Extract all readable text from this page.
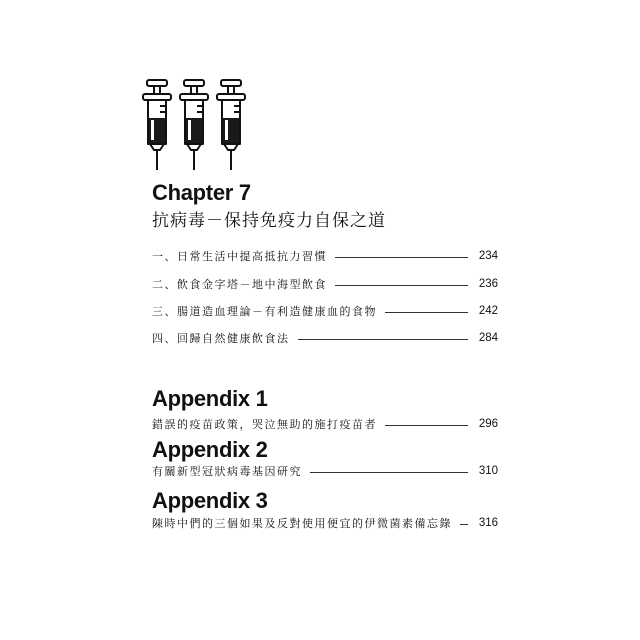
Chapter 7
抗病毒－保持免疫力自保之道
一、日常生活中提高抵抗力習慣	234
二、飲食金字塔－地中海型飲食	236
三、腸道造血理論－有利造健康血的食物	242
四、回歸自然健康飲食法	284
Appendix 1
錯誤的疫苗政策，哭泣無助的施打疫苗者	296
Appendix 2
有關新型冠狀病毒基因研究	310
Appendix 3
陳時中們的三個如果及反對使用便宜的伊微菌素備忘錄 316
